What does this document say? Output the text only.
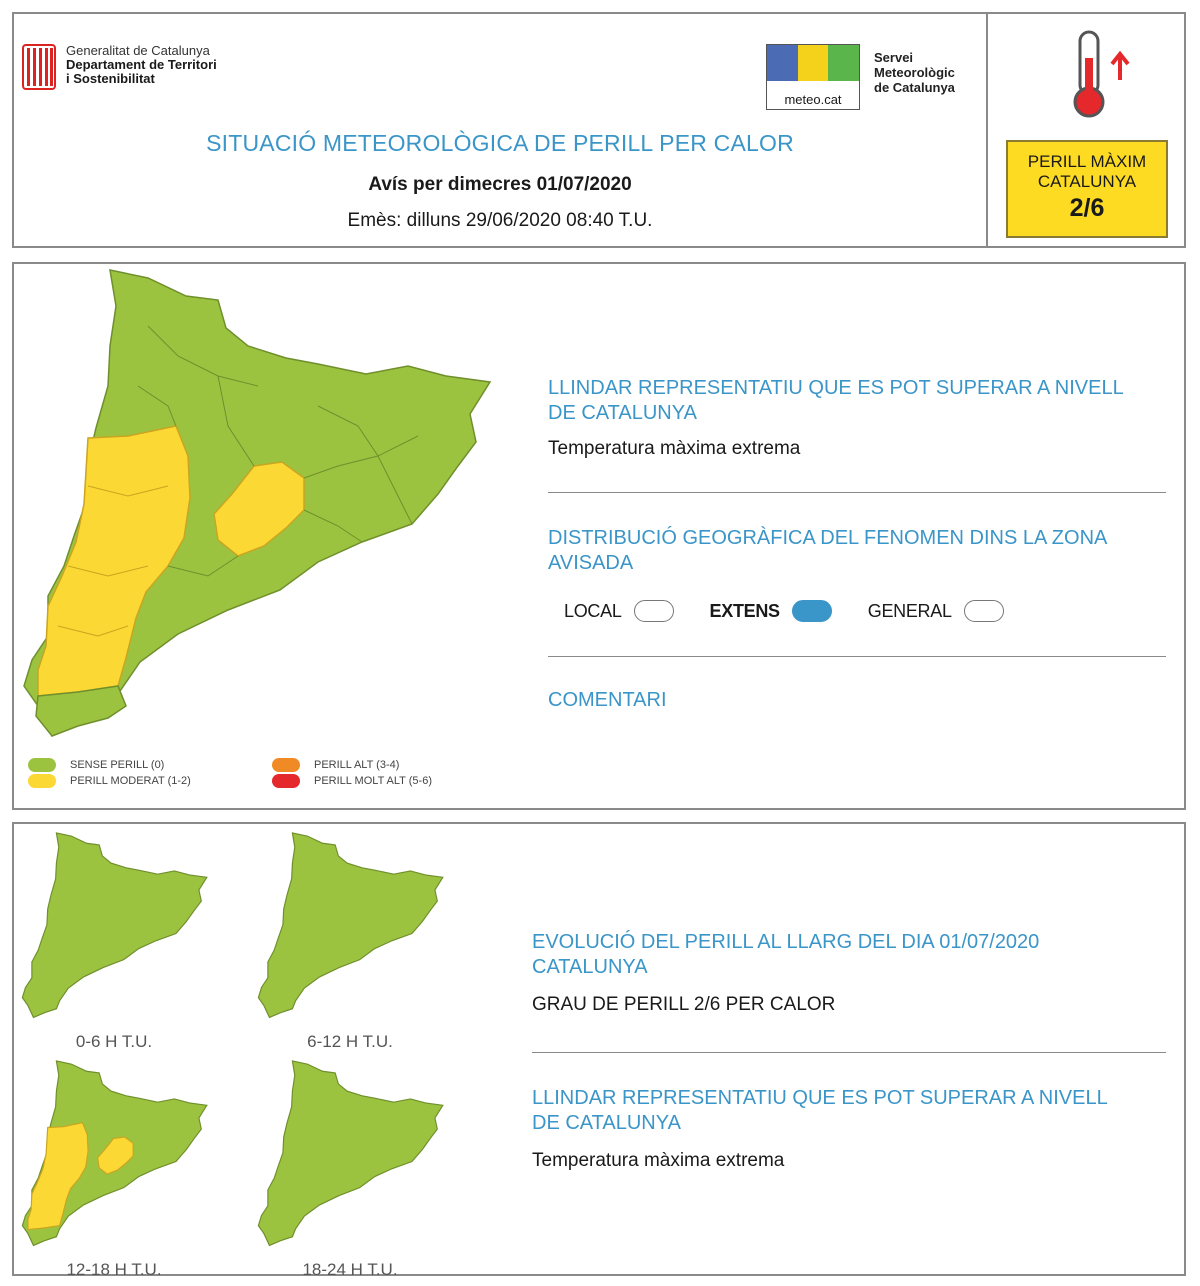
Generalitat de Catalunya
Departament de Territori
i Sostenibilitat
meteo.cat
Servei
Meteorològic
de Catalunya
SITUACIÓ METEOROLÒGICA DE PERILL PER CALOR
Avís per dimecres 01/07/2020
Emès: dilluns 29/06/2020 08:40 T.U.
PERILL MÀXIM
CATALUNYA
2/6
SENSE PERILL (0)
PERILL MODERAT (1-2)
PERILL ALT (3-4)
PERILL MOLT ALT (5-6)
LLINDAR REPRESENTATIU QUE ES POT SUPERAR A NIVELL DE CATALUNYA
Temperatura màxima extrema
DISTRIBUCIÓ GEOGRÀFICA DEL FENOMEN DINS LA ZONA AVISADA
LOCAL	EXTENS	GENERAL
COMENTARI
0-6 H T.U.	6-12 H T.U.
12-18 H T.U.	18-24 H T.U.
EVOLUCIÓ DEL PERILL AL LLARG DEL DIA 01/07/2020 CATALUNYA
GRAU DE PERILL 2/6 PER CALOR
LLINDAR REPRESENTATIU QUE ES POT SUPERAR A NIVELL DE CATALUNYA
Temperatura màxima extrema
